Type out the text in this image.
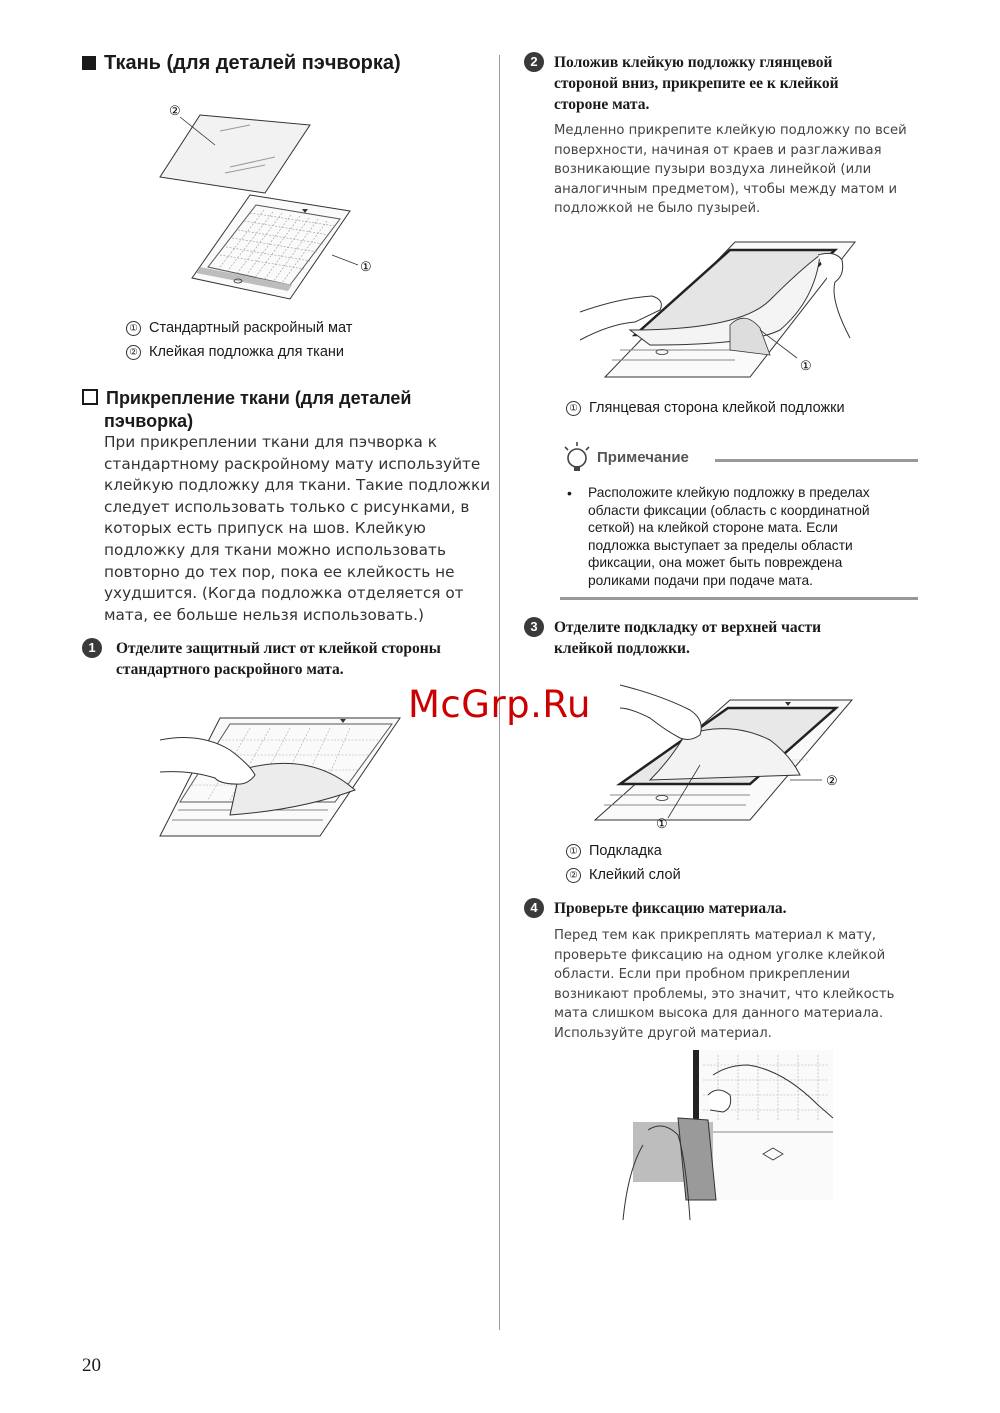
Ткань (для деталей пэчворка)
①
②
① Стандартный раскройный мат
② Клейкая подложка для ткани
Прикрепление ткани (для деталей
пэчворка)
При прикреплении ткани для пэчворка к
стандартному раскройному мату используйте
клейкую подложку для ткани. Такие подложки
следует использовать только с рисунками, в
которых есть припуск на шов. Клейкую
подложку для ткани можно использовать
повторно до тех пор, пока ее клейкость не
ухудшится. (Когда подложка отделяется от
мата, ее больше нельзя использовать.)
1	Отделите защитный лист от клейкой стороны
стандартного раскройного мата.
20
2	Положив клейкую подложку глянцевой
стороной вниз, прикрепите ее к клейкой
стороне мата.
Медленно прикрепите клейкую подложку по всей
поверхности, начиная от краев и разглаживая
возникающие пузыри воздуха линейкой (или
аналогичным предметом), чтобы между матом и
подложкой не было пузырей.
①
① Глянцевая сторона клейкой подложки
Примечание
• Расположите клейкую подложку в пределах
области фиксации (область с координатной
сеткой) на клейкой стороне мата. Если
подложка выступает за пределы области
фиксации, она может быть повреждена
роликами подачи при подаче мата.
3	Отделите подкладку от верхней части
клейкой подложки.
②
①
① Подкладка
② Клейкий слой
4	Проверьте фиксацию материала.
Перед тем как прикреплять материал к мату,
проверьте фиксацию на одном уголке клейкой
области. Если при пробном прикреплении
возникают проблемы, это значит, что клейкость
мата слишком высока для данного материала.
Используйте другой материал.
McGrp.Ru
